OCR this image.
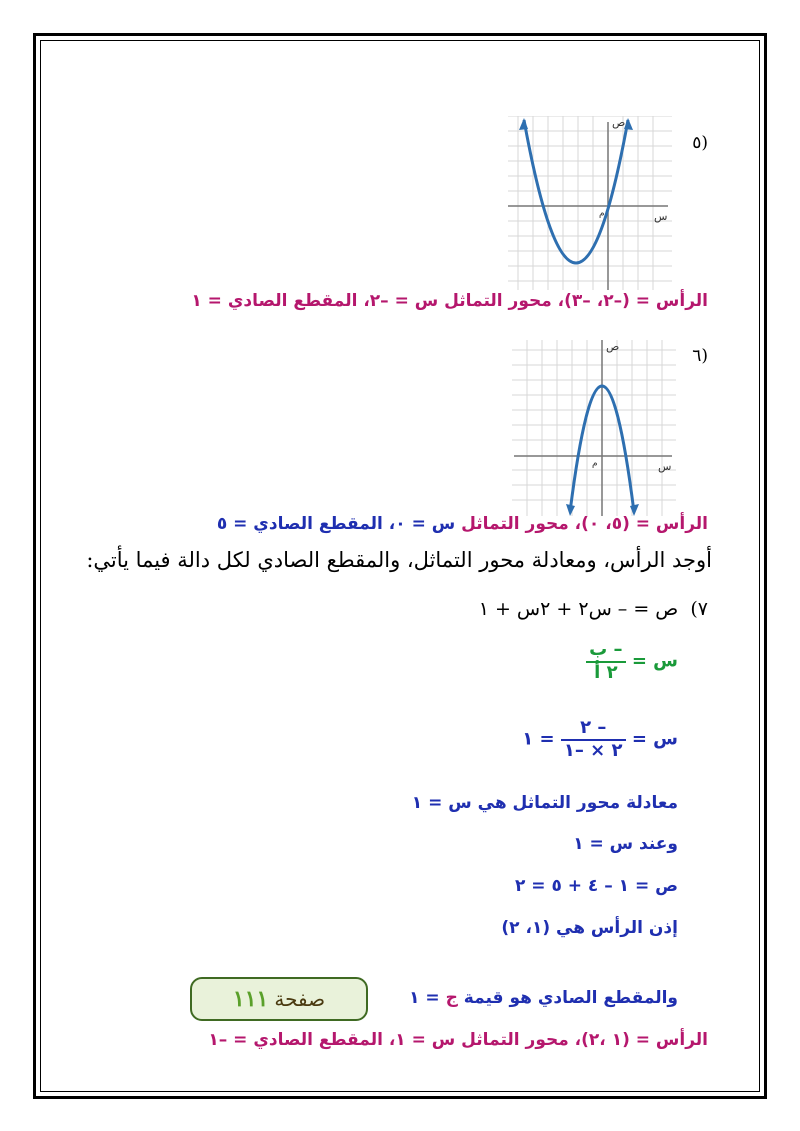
(٥
ص
س
م
الرأس = (–٢، –٣)، محور التماثل س = –٢، المقطع الصادي = ١
(٦
ص
س
م
الرأس = (٥، ٠)، محور التماثل س = ٠، المقطع الصادي = ٥
أوجد الرأس، ومعادلة محور التماثل، والمقطع الصادي لكل دالة فيما يأتي:
٧)  ص = – س٢ + ٢س + ١
س =
$\frac{\text{– ب}}{\text{٢ أ}}$
س =
$\frac{- ٢}{٢ \times -١}$
= ١
معادلة محور التماثل هي س = ١
وعند س = ١
ص = ١ – ٤ + ٥ = ٢
إذن الرأس هي (١، ٢)
صفحة
١١١	والمقطع الصادي هو قيمة ج = ١
الرأس = (١ ،٢)، محور التماثل س = ١، المقطع الصادي = –١
